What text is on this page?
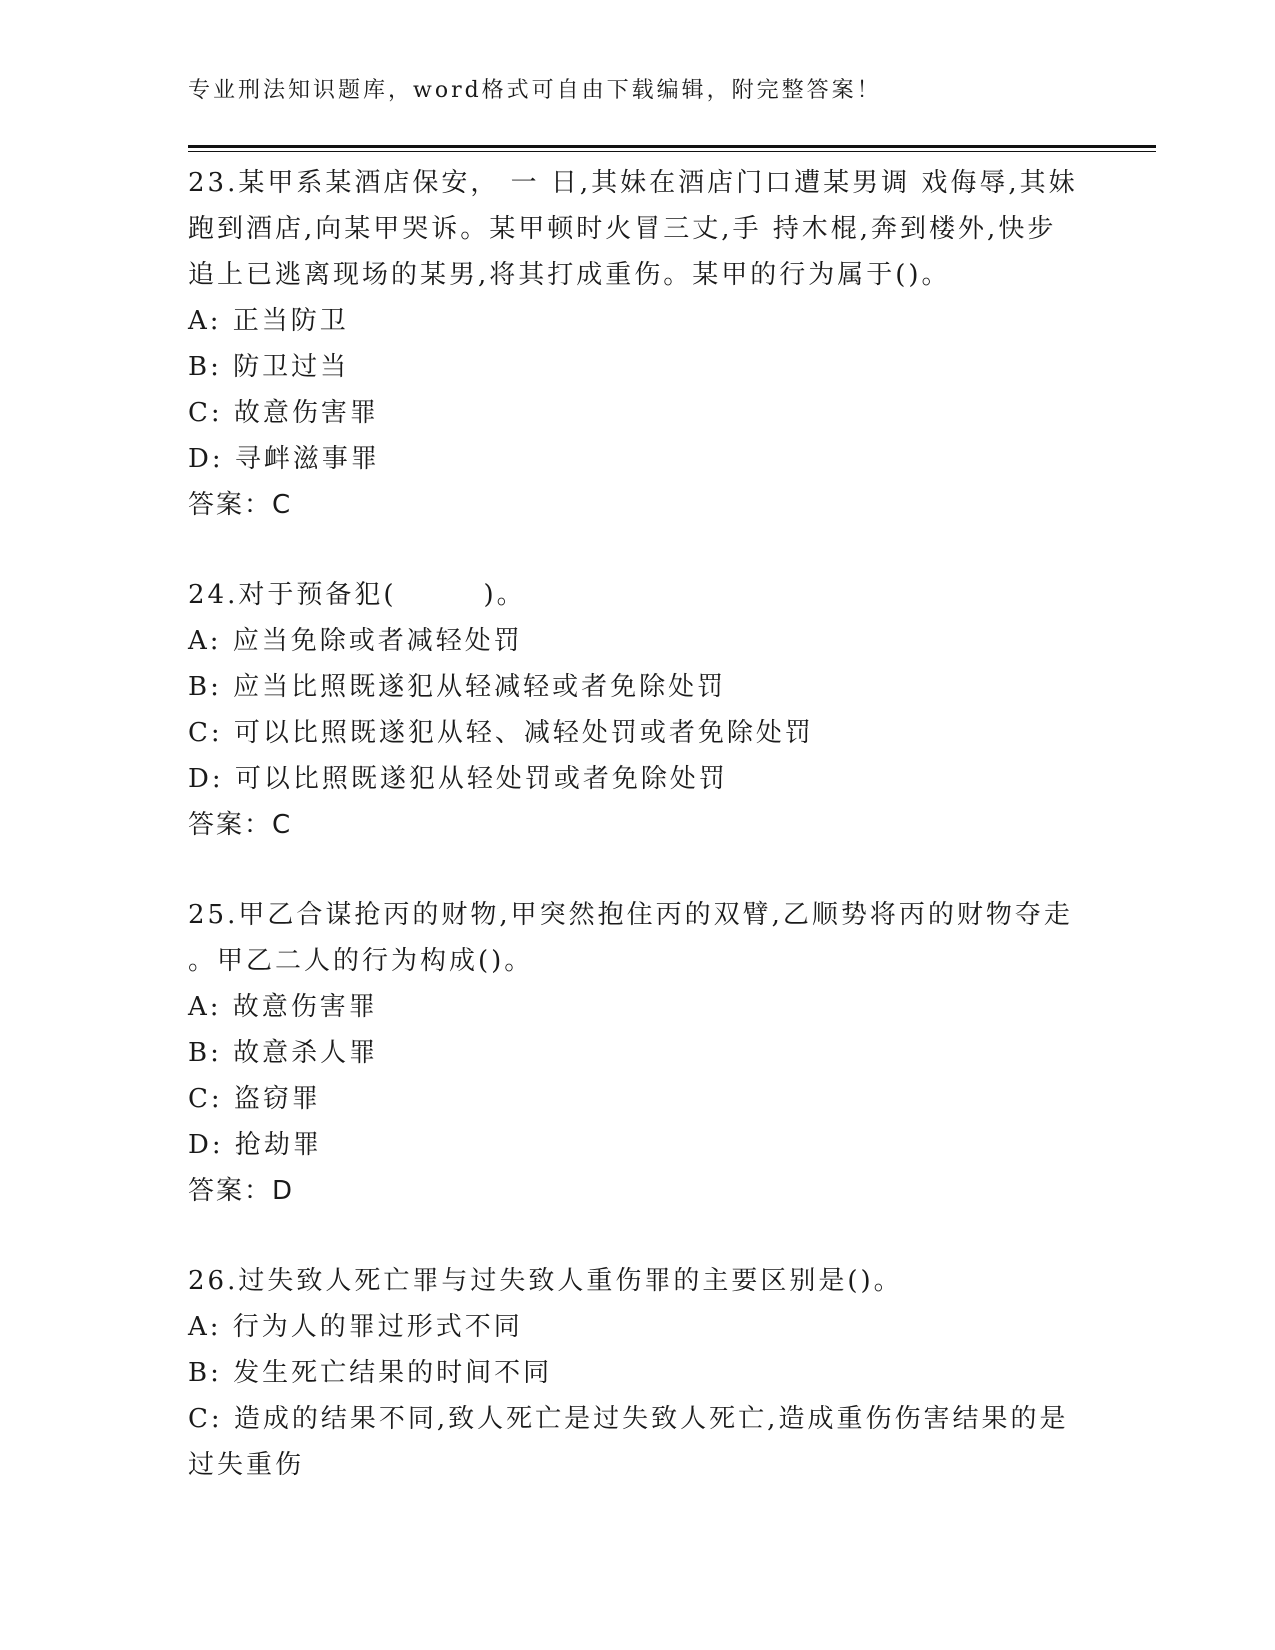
专业刑法知识题库，word格式可自由下载编辑，附完整答案！
23.某甲系某酒店保安， 一 日,其妹在酒店门口遭某男调 戏侮辱,其妹
跑到酒店,向某甲哭诉。某甲顿时火冒三丈,手 持木棍,奔到楼外,快步
追上已逃离现场的某男,将其打成重伤。某甲的行为属于()。
A: 正当防卫
B: 防卫过当
C: 故意伤害罪
D: 寻衅滋事罪
答案：C
24.对于预备犯(　　　)。
A: 应当免除或者减轻处罚
B: 应当比照既遂犯从轻减轻或者免除处罚
C: 可以比照既遂犯从轻、减轻处罚或者免除处罚
D: 可以比照既遂犯从轻处罚或者免除处罚
答案：C
25.甲乙合谋抢丙的财物,甲突然抱住丙的双臂,乙顺势将丙的财物夺走
。甲乙二人的行为构成()。
A: 故意伤害罪
B: 故意杀人罪
C: 盗窃罪
D: 抢劫罪
答案：D
26.过失致人死亡罪与过失致人重伤罪的主要区别是()。
A: 行为人的罪过形式不同
B: 发生死亡结果的时间不同
C: 造成的结果不同,致人死亡是过失致人死亡,造成重伤伤害结果的是
过失重伤
